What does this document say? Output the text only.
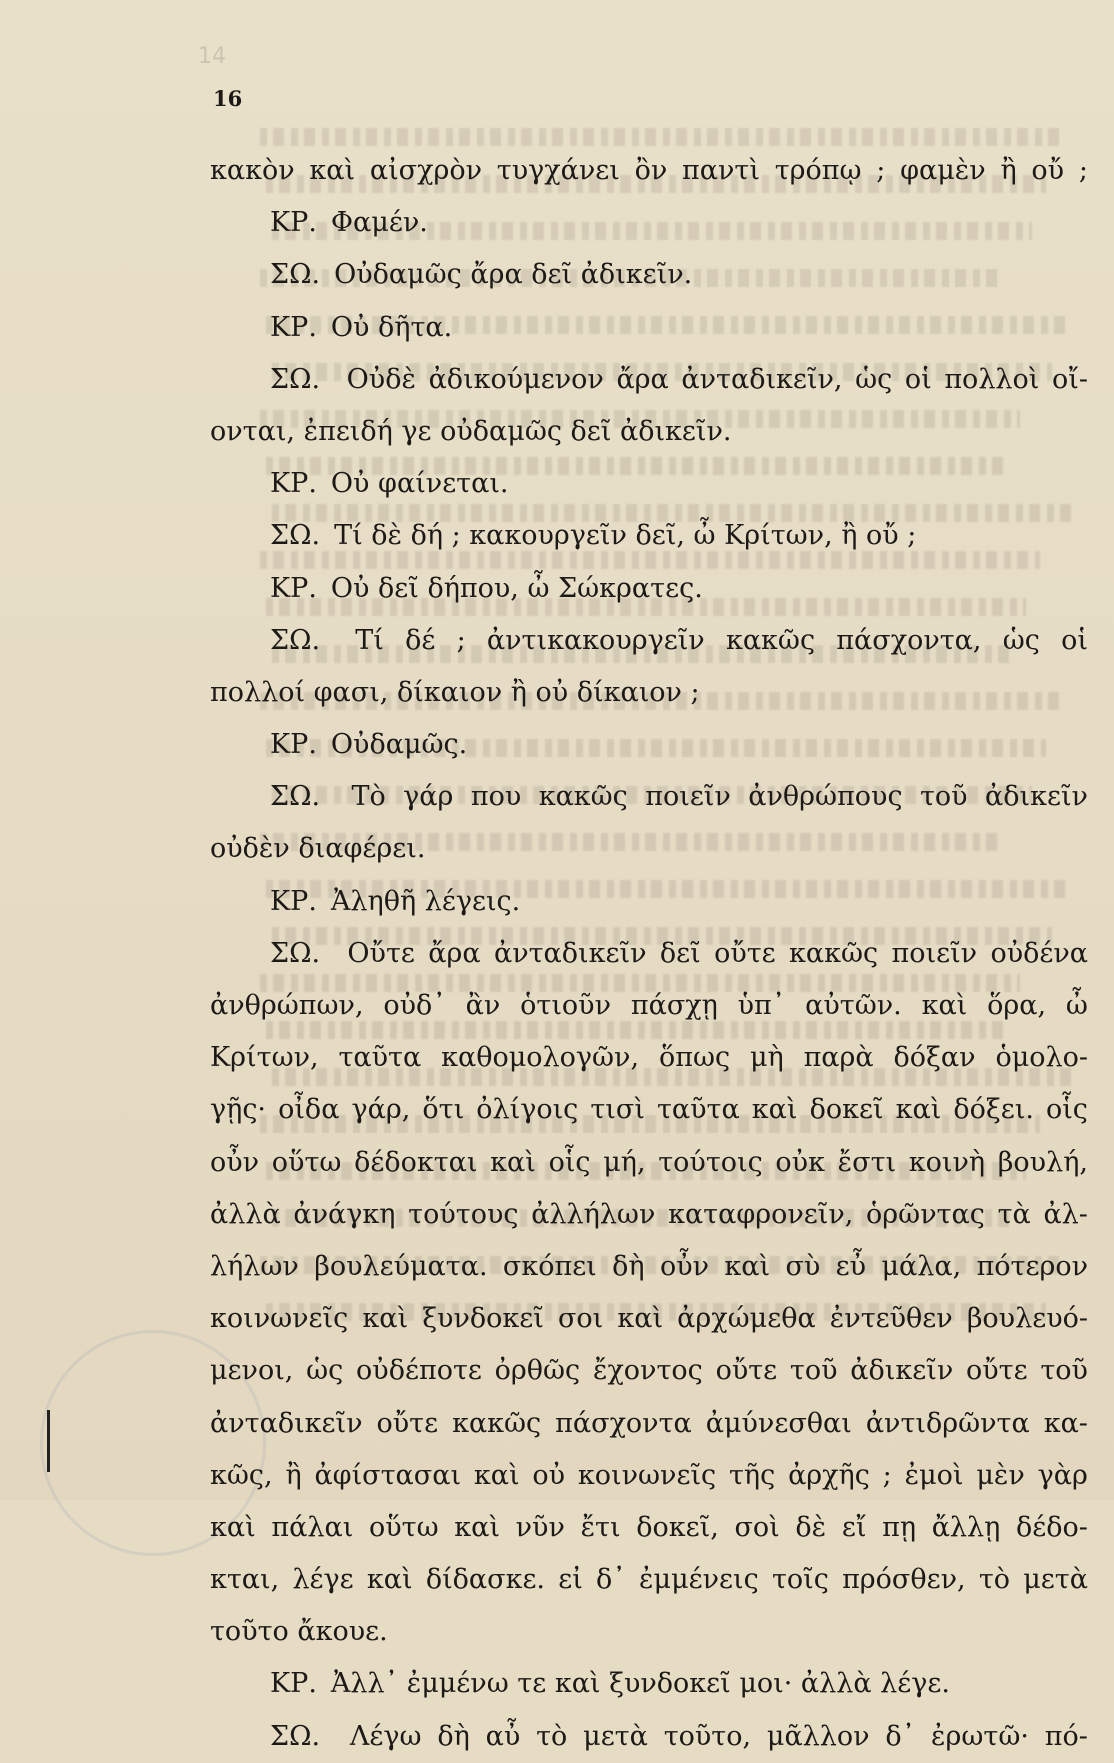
14
16
κακὸν καὶ αἰσχρὸν τυγχάνει ὂν παντὶ τρόπῳ ; φαμὲν ἢ οὔ ;
ΚΡ. Φαμέν.
ΣΩ. Οὐδαμῶς ἄρα δεῖ ἀδικεῖν.
ΚΡ. Οὐ δῆτα.
ΣΩ. Οὐδὲ ἀδικούμενον ἄρα ἀνταδικεῖν, ὡς οἱ πολλοὶ οἴ-
ονται, ἐπειδή γε οὐδαμῶς δεῖ ἀδικεῖν.
ΚΡ. Οὐ φαίνεται.
ΣΩ. Τί δὲ δή ; κακουργεῖν δεῖ, ὦ Κρίτων, ἢ οὔ ;
ΚΡ. Οὐ δεῖ δήπου, ὦ Σώκρατες.
ΣΩ. Τί δέ ; ἀντικακουργεῖν κακῶς πάσχοντα, ὡς οἱ
πολλοί φασι, δίκαιον ἢ οὐ δίκαιον ;
ΚΡ. Οὐδαμῶς.
ΣΩ. Τὸ γάρ που κακῶς ποιεῖν ἀνθρώπους τοῦ ἀδικεῖν
οὐδὲν διαφέρει.
ΚΡ. Ἀληθῆ λέγεις.
ΣΩ. Οὔτε ἄρα ἀνταδικεῖν δεῖ οὔτε κακῶς ποιεῖν οὐδένα
ἀνθρώπων, οὐδ᾽ ἂν ὁτιοῦν πάσχῃ ὑπ᾽ αὐτῶν. καὶ ὅρα, ὦ
Κρίτων, ταῦτα καθομολογῶν, ὅπως μὴ παρὰ δόξαν ὁμολο-
γῇς· οἶδα γάρ, ὅτι ὀλίγοις τισὶ ταῦτα καὶ δοκεῖ καὶ δόξει. οἷς
οὖν οὕτω δέδοκται καὶ οἷς μή, τούτοις οὐκ ἔστι κοινὴ βουλή,
ἀλλὰ ἀνάγκη τούτους ἀλλήλων καταφρονεῖν, ὁρῶντας τὰ ἀλ-
λήλων βουλεύματα. σκόπει δὴ οὖν καὶ σὺ εὖ μάλα, πότερον
κοινωνεῖς καὶ ξυνδοκεῖ σοι καὶ ἀρχώμεθα ἐντεῦθεν βουλευό-
μενοι, ὡς οὐδέποτε ὀρθῶς ἔχοντος οὔτε τοῦ ἀδικεῖν οὔτε τοῦ
ἀνταδικεῖν οὔτε κακῶς πάσχοντα ἀμύνεσθαι ἀντιδρῶντα κα-
κῶς, ἢ ἀφίστασαι καὶ οὐ κοινωνεῖς τῆς ἀρχῆς ; ἐμοὶ μὲν γὰρ
καὶ πάλαι οὕτω καὶ νῦν ἔτι δοκεῖ, σοὶ δὲ εἴ πῃ ἄλλῃ δέδο-
κται, λέγε καὶ δίδασκε. εἰ δ᾽ ἐμμένεις τοῖς πρόσθεν, τὸ μετὰ
τοῦτο ἄκουε.
ΚΡ. Ἀλλ᾽ ἐμμένω τε καὶ ξυνδοκεῖ μοι· ἀλλὰ λέγε.
ΣΩ. Λέγω δὴ αὖ τὸ μετὰ τοῦτο, μᾶλλον δ᾽ ἐρωτῶ· πό-
